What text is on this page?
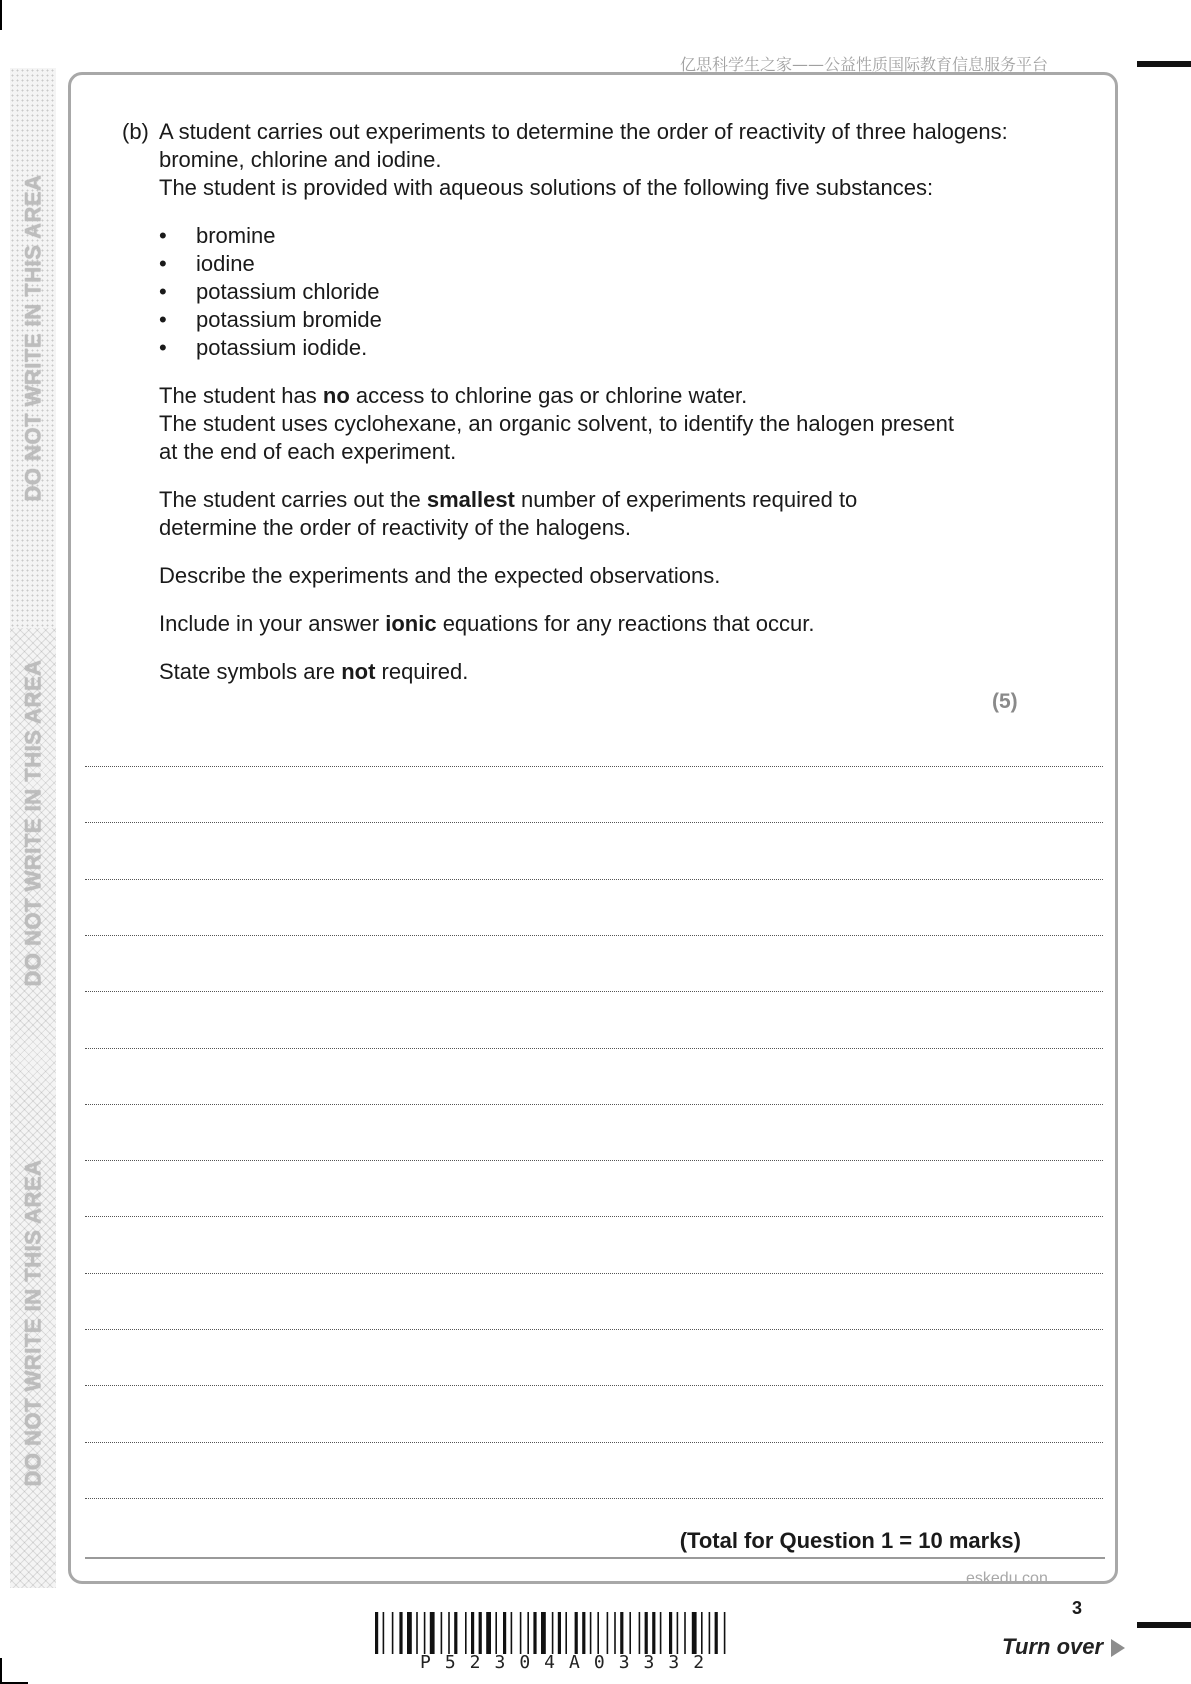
DO NOT WRITE IN THIS AREA
DO NOT WRITE IN THIS AREA
DO NOT WRITE IN THIS AREA
亿思科学生之家——公益性质国际教育信息服务平台
(b) A student carries out experiments to determine the order of reactivity of three halogens:

bromine, chlorine and iodine.

The student is provided with aqueous solutions of the following five substances:

• bromine
• iodine
• potassium chloride
• potassium bromide
• potassium iodide.

The student has no access to chlorine gas or chlorine water.

The student uses cyclohexane, an organic solvent, to identify the halogen present

at the end of each experiment.

The student carries out the smallest number of experiments required to

determine the order of reactivity of the halogens.

Describe the experiments and the expected observations.

Include in your answer ionic equations for any reactions that occur.

State symbols are not required.

(5)
(Total for Question 1 = 10 marks)
eskedu.con
3
P52304A03332
Turn over
